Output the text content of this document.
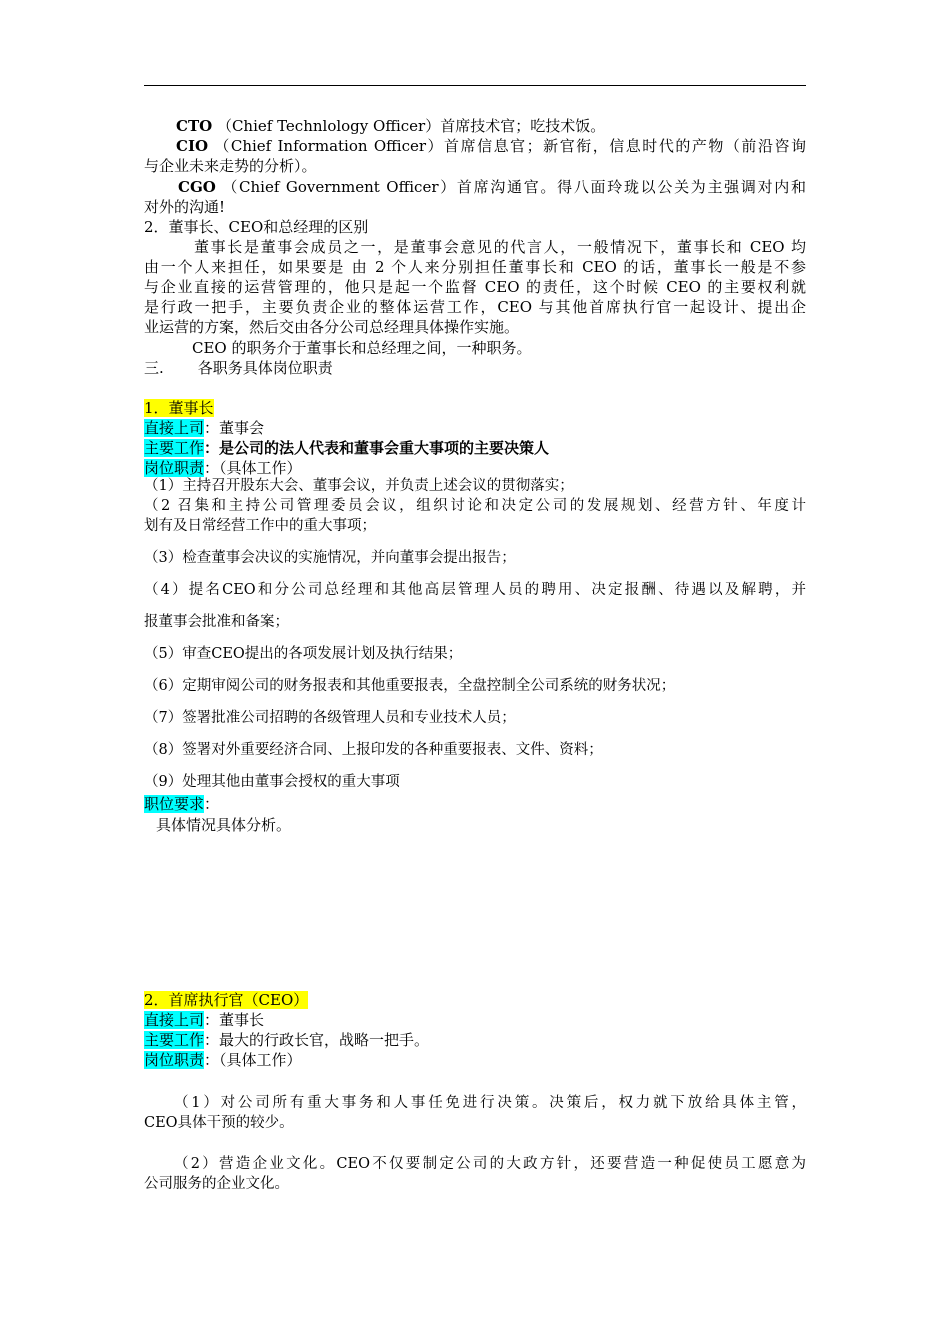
CTO （Chief Technlology Officer）首席技术官；吃技术饭。
CIO （Chief Information Officer）首席信息官；新官衔，信息时代的产物（前沿咨询
与企业未来走势的分析）。
CGO （Chief Government Officer）首席沟通官。得八面玲珑以公关为主强调对内和
对外的沟通!
2．董事长、CEO和总经理的区别
董事长是董事会成员之一，是董事会意见的代言人，一般情况下，董事长和 CEO 均
由一个人来担任，如果要是 由 2 个人来分别担任董事长和 CEO 的话，董事长一般是不参
与企业直接的运营管理的，他只是起一个监督 CEO 的责任，这个时候 CEO 的主要权利就
是行政一把手，主要负责企业的整体运营工作，CEO 与其他首席执行官一起设计、提出企
业运营的方案，然后交由各分公司总经理具体操作实施。
CEO 的职务介于董事长和总经理之间，一种职务。
三. 各职务具体岗位职责
1．董事长
直接上司：董事会
主要工作：是公司的法人代表和董事会重大事项的主要决策人
岗位职责：（具体工作）
（1）主持召开股东大会、董事会议，并负责上述会议的贯彻落实；
（2 召集和主持公司管理委员会议，组织讨论和决定公司的发展规划、经营方针、年度计
划有及日常经营工作中的重大事项；
（3）检查董事会决议的实施情况，并向董事会提出报告；
（4）提名CEO和分公司总经理和其他高层管理人员的聘用、决定报酬、待遇以及解聘，并
报董事会批准和备案；
（5）审查CEO提出的各项发展计划及执行结果；
（6）定期审阅公司的财务报表和其他重要报表，全盘控制全公司系统的财务状况；
（7）签署批准公司招聘的各级管理人员和专业技术人员；
（8）签署对外重要经济合同、上报印发的各种重要报表、文件、资料；
（9）处理其他由董事会授权的重大事项
职位要求：
具体情况具体分析。
2．首席执行官（CEO）
直接上司：董事长
主要工作：最大的行政长官，战略一把手。
岗位职责：（具体工作）
（1）对公司所有重大事务和人事任免进行决策。决策后，权力就下放给具体主管，
CEO具体干预的较少。
（2）营造企业文化。CEO不仅要制定公司的大政方针，还要营造一种促使员工愿意为
公司服务的企业文化。
